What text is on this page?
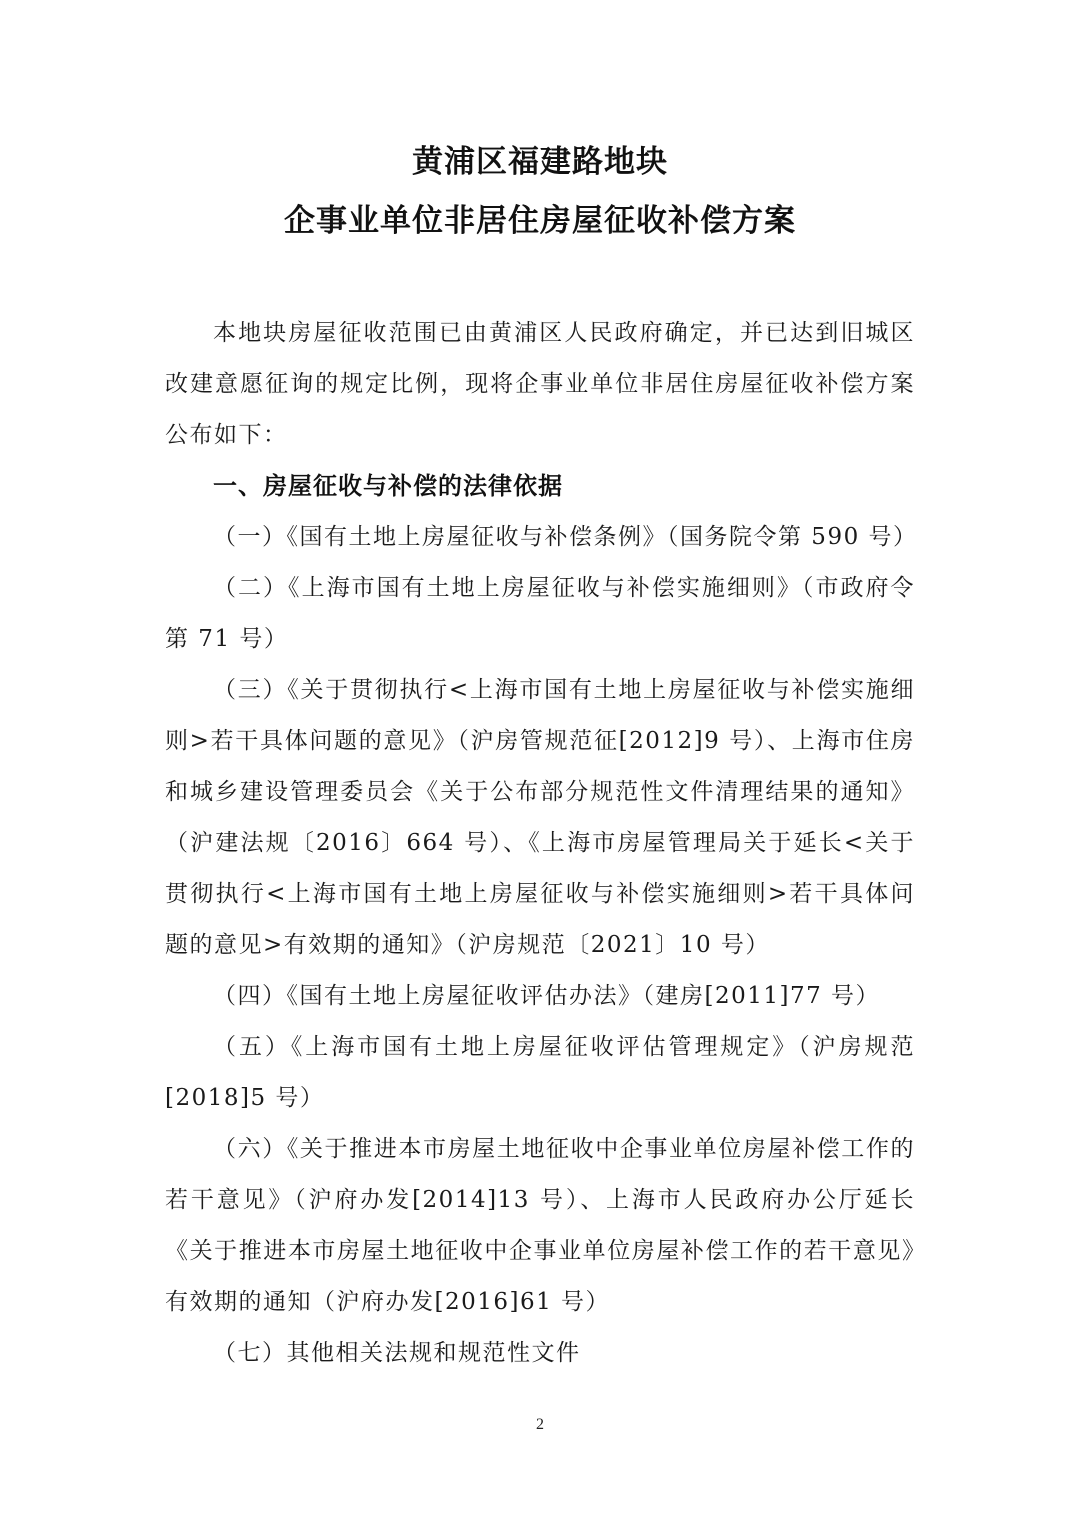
黄浦区福建路地块
企事业单位非居住房屋征收补偿方案

本地块房屋征收范围已由黄浦区人民政府确定，并已达到旧城区改建意愿征询的规定比例，现将企事业单位非居住房屋征收补偿方案公布如下：

一、房屋征收与补偿的法律依据

（一）《国有土地上房屋征收与补偿条例》（国务院令第 590 号）

（二）《上海市国有土地上房屋征收与补偿实施细则》（市政府令第 71 号）

（三）《关于贯彻执行<上海市国有土地上房屋征收与补偿实施细则>若干具体问题的意见》（沪房管规范征[2012]9 号）、上海市住房和城乡建设管理委员会《关于公布部分规范性文件清理结果的通知》（沪建法规〔2016〕664 号）、《上海市房屋管理局关于延长<关于贯彻执行<上海市国有土地上房屋征收与补偿实施细则>若干具体问题的意见>有效期的通知》（沪房规范〔2021〕10 号）

（四）《国有土地上房屋征收评估办法》（建房[2011]77 号）

（五）《上海市国有土地上房屋征收评估管理规定》（沪房规范[2018]5 号）

（六）《关于推进本市房屋土地征收中企事业单位房屋补偿工作的若干意见》（沪府办发[2014]13 号）、上海市人民政府办公厅延长《关于推进本市房屋土地征收中企事业单位房屋补偿工作的若干意见》有效期的通知（沪府办发[2016]61 号）

（七）其他相关法规和规范性文件

2
